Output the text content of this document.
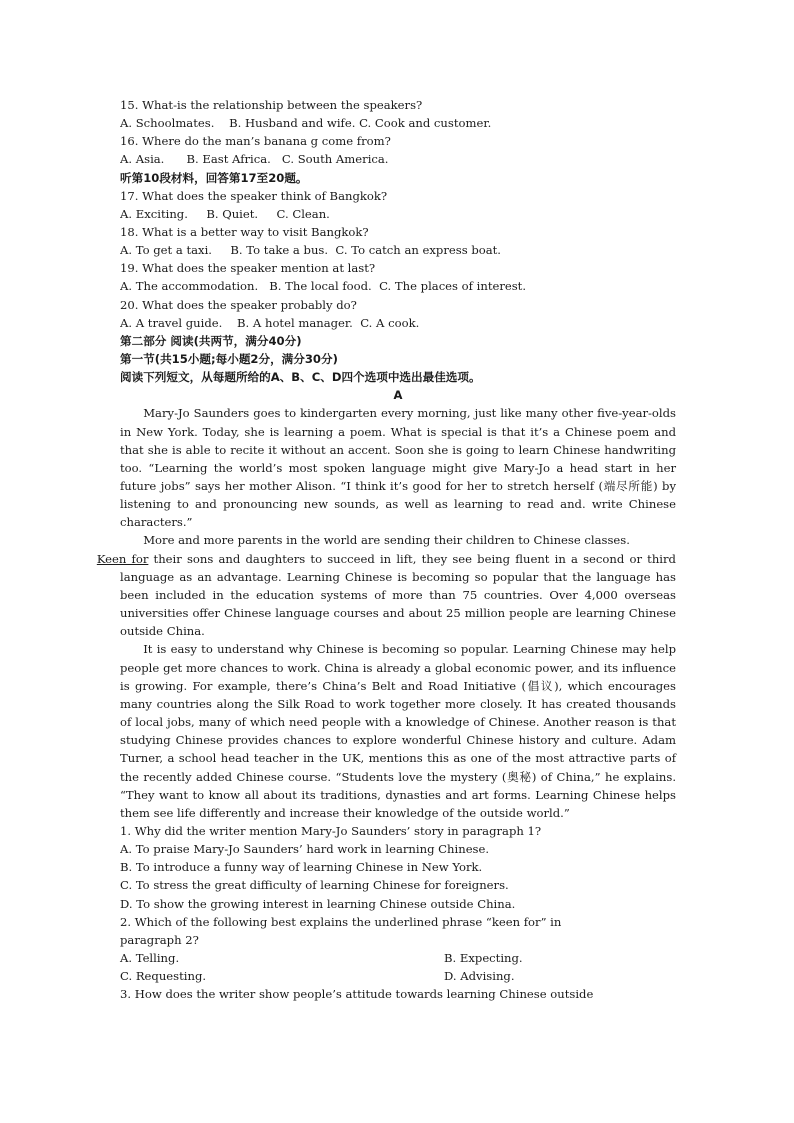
15. What-is the relationship between the speakers?
A. Schoolmates.    B. Husband and wife. C. Cook and customer.
16. Where do the man’s banana g come from?
A. Asia.      B. East Africa.   C. South America.
听第10段材料，回答第17至20题。
17. What does the speaker think of Bangkok?
A. Exciting.     B. Quiet.     C. Clean.
18. What is a better way to visit Bangkok?
A. To get a taxi.     B. To take a bus.  C. To catch an express boat.
19. What does the speaker mention at last?
A. The accommodation.   B. The local food.  C. The places of interest.
20. What does the speaker probably do?
A. A travel guide.    B. A hotel manager.  C. A cook.
第二部分 阅读(共两节，满分40分)
第一节(共15小题;每小题2分，满分30分)
阅读下列短文，从每题所给的A、B、C、D四个选项中选出最佳选项。
A
Mary-Jo Saunders goes to kindergarten every morning, just like many other five-year-olds in New York. Today, she is learning a poem. What is special is that it’s a Chinese poem and that she is able to recite it without an accent. Soon she is going to learn Chinese handwriting too. “Learning the world’s most spoken language might give Mary-Jo a head start in her future jobs” says her mother Alison. “I think it’s good for her to stretch herself (端尽所能) by listening to and pronouncing new sounds, as well as learning to read and. write Chinese characters.”
More and more parents in the world are sending their children to Chinese classes.
Keen for their sons and daughters to succeed in lift, they see being fluent in a second or third language as an advantage. Learning Chinese is becoming so popular that the language has been included in the education systems of more than 75 countries. Over 4,000 overseas universities offer Chinese language courses and about 25 million people are learning Chinese outside China.
It is easy to understand why Chinese is becoming so popular. Learning Chinese may help people get more chances to work. China is already a global economic power, and its influence is growing. For example, there’s China’s Belt and Road Initiative (倡议), which encourages many countries along the Silk Road to work together more closely. It has created thousands of local jobs, many of which need people with a knowledge of Chinese. Another reason is that studying Chinese provides chances to explore wonderful Chinese history and culture. Adam Turner, a school head teacher in the UK, mentions this as one of the most attractive parts of the recently added Chinese course. “Students love the mystery (奥秘) of China,” he explains. “They want to know all about its traditions, dynasties and art forms. Learning Chinese helps them see life differently and increase their knowledge of the outside world.”
1. Why did the writer mention Mary-Jo Saunders’ story in paragraph 1?
A. To praise Mary-Jo Saunders’ hard work in learning Chinese.
B. To introduce a funny way of learning Chinese in New York.
C. To stress the great difficulty of learning Chinese for foreigners.
D. To show the growing interest in learning Chinese outside China.
2. Which of the following best explains the underlined phrase “keen for” in
paragraph 2?
A. Telling.	B. Expecting.
C. Requesting.	D. Advising.
3. How does the writer show people’s attitude towards learning Chinese outside
